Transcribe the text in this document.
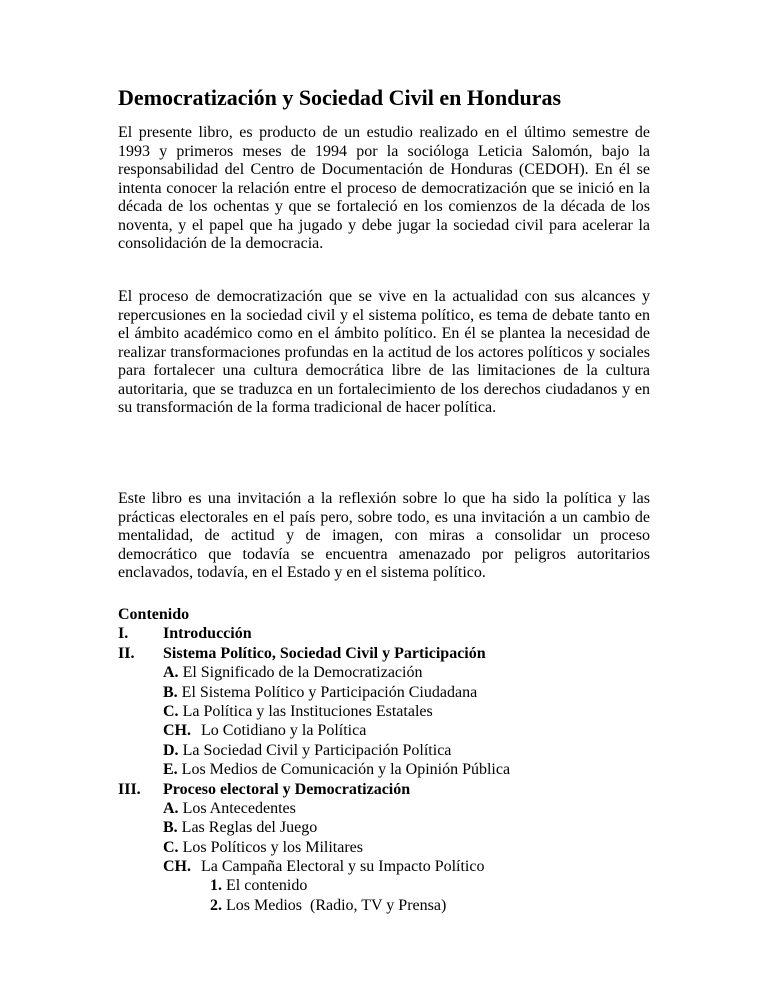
Democratización y Sociedad Civil en Honduras

El presente libro, es producto de un estudio realizado en el último semestre de 1993 y primeros meses de 1994 por la socióloga Leticia Salomón, bajo la responsabilidad del Centro de Documentación de Honduras (CEDOH). En él se intenta conocer la relación entre el proceso de democratización que se inició en la década de los ochentas y que se fortaleció en los comienzos de la década de los noventa, y el papel que ha jugado y debe jugar la sociedad civil para acelerar la consolidación de la democracia.

El proceso de democratización que se vive en la actualidad con sus alcances y repercusiones en la sociedad civil y el sistema político, es tema de debate tanto en el ámbito académico como en el ámbito político. En él se plantea la necesidad de realizar transformaciones profundas en la actitud de los actores políticos y sociales para fortalecer una cultura democrática libre de las limitaciones de la cultura autoritaria, que se traduzca en un fortalecimiento de los derechos ciudadanos y en su transformación de la forma tradicional de hacer política.

Este libro es una invitación a la reflexión sobre lo que ha sido la política y las prácticas electorales en el país pero, sobre todo, es una invitación a un cambio de mentalidad, de actitud y de imagen, con miras a consolidar un proceso democrático que todavía se encuentra amenazado por peligros autoritarios enclavados, todavía, en el Estado y en el sistema político.

Contenido
I. Introducción
II. Sistema Político, Sociedad Civil y Participación
A. El Significado de la Democratización
B. El Sistema Político y Participación Ciudadana
C. La Política y las Instituciones Estatales
CH. Lo Cotidiano y la Política
D. La Sociedad Civil y Participación Política
E. Los Medios de Comunicación y la Opinión Pública
III. Proceso electoral y Democratización
A. Los Antecedentes
B. Las Reglas del Juego
C. Los Políticos y los Militares
CH. La Campaña Electoral y su Impacto Político
1. El contenido
2. Los Medios  (Radio, TV y Prensa)
